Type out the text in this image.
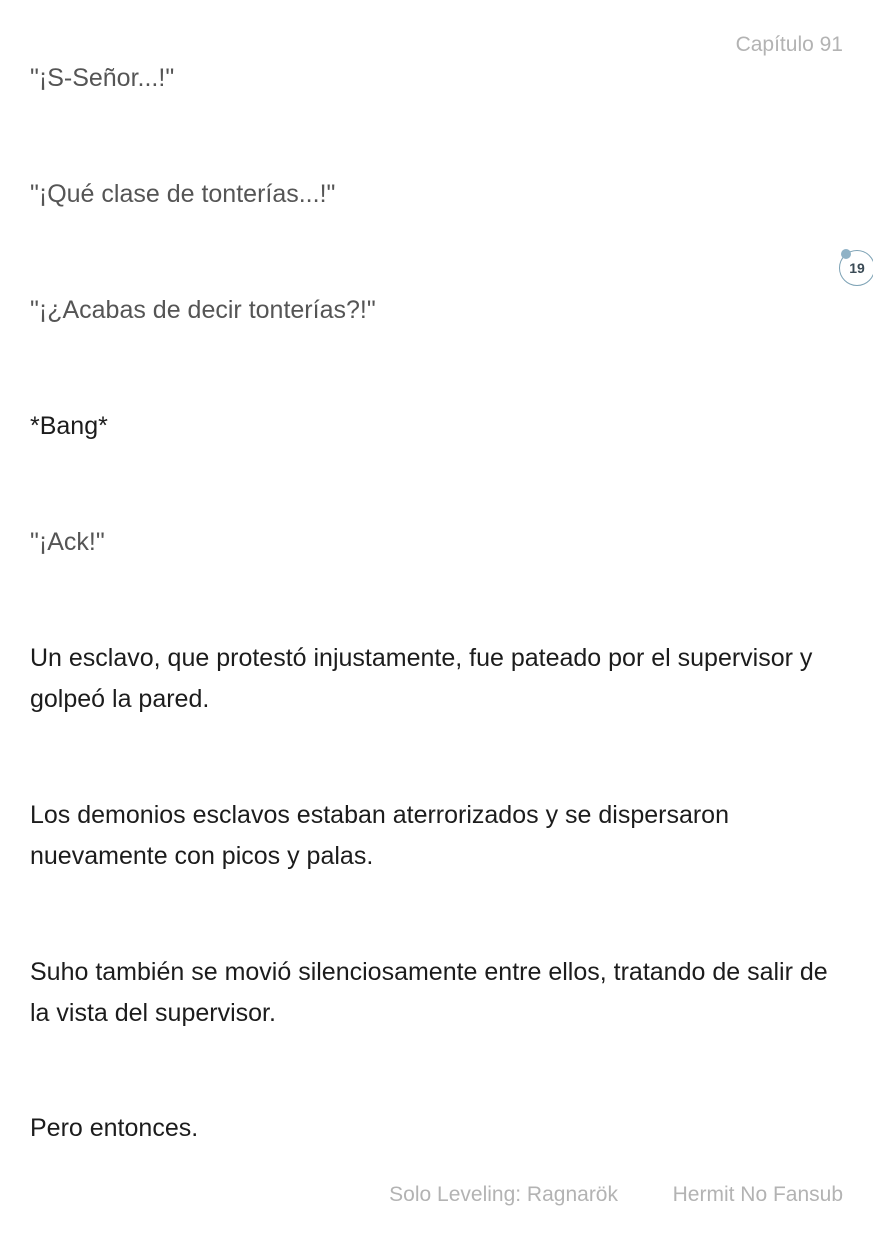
Capítulo 91
"¡S-Señor...!"
"¡Qué clase de tonterías...!"
"¡¿Acabas de decir tonterías?!"
*Bang*
"¡Ack!"
Un esclavo, que protestó injustamente, fue pateado por el supervisor y golpeó la pared.
Los demonios esclavos estaban aterrorizados y se dispersaron nuevamente con picos y palas.
Suho también se movió silenciosamente entre ellos, tratando de salir de la vista del supervisor.
Pero entonces.
19
Solo Leveling: Ragnarök	Hermit No Fansub
